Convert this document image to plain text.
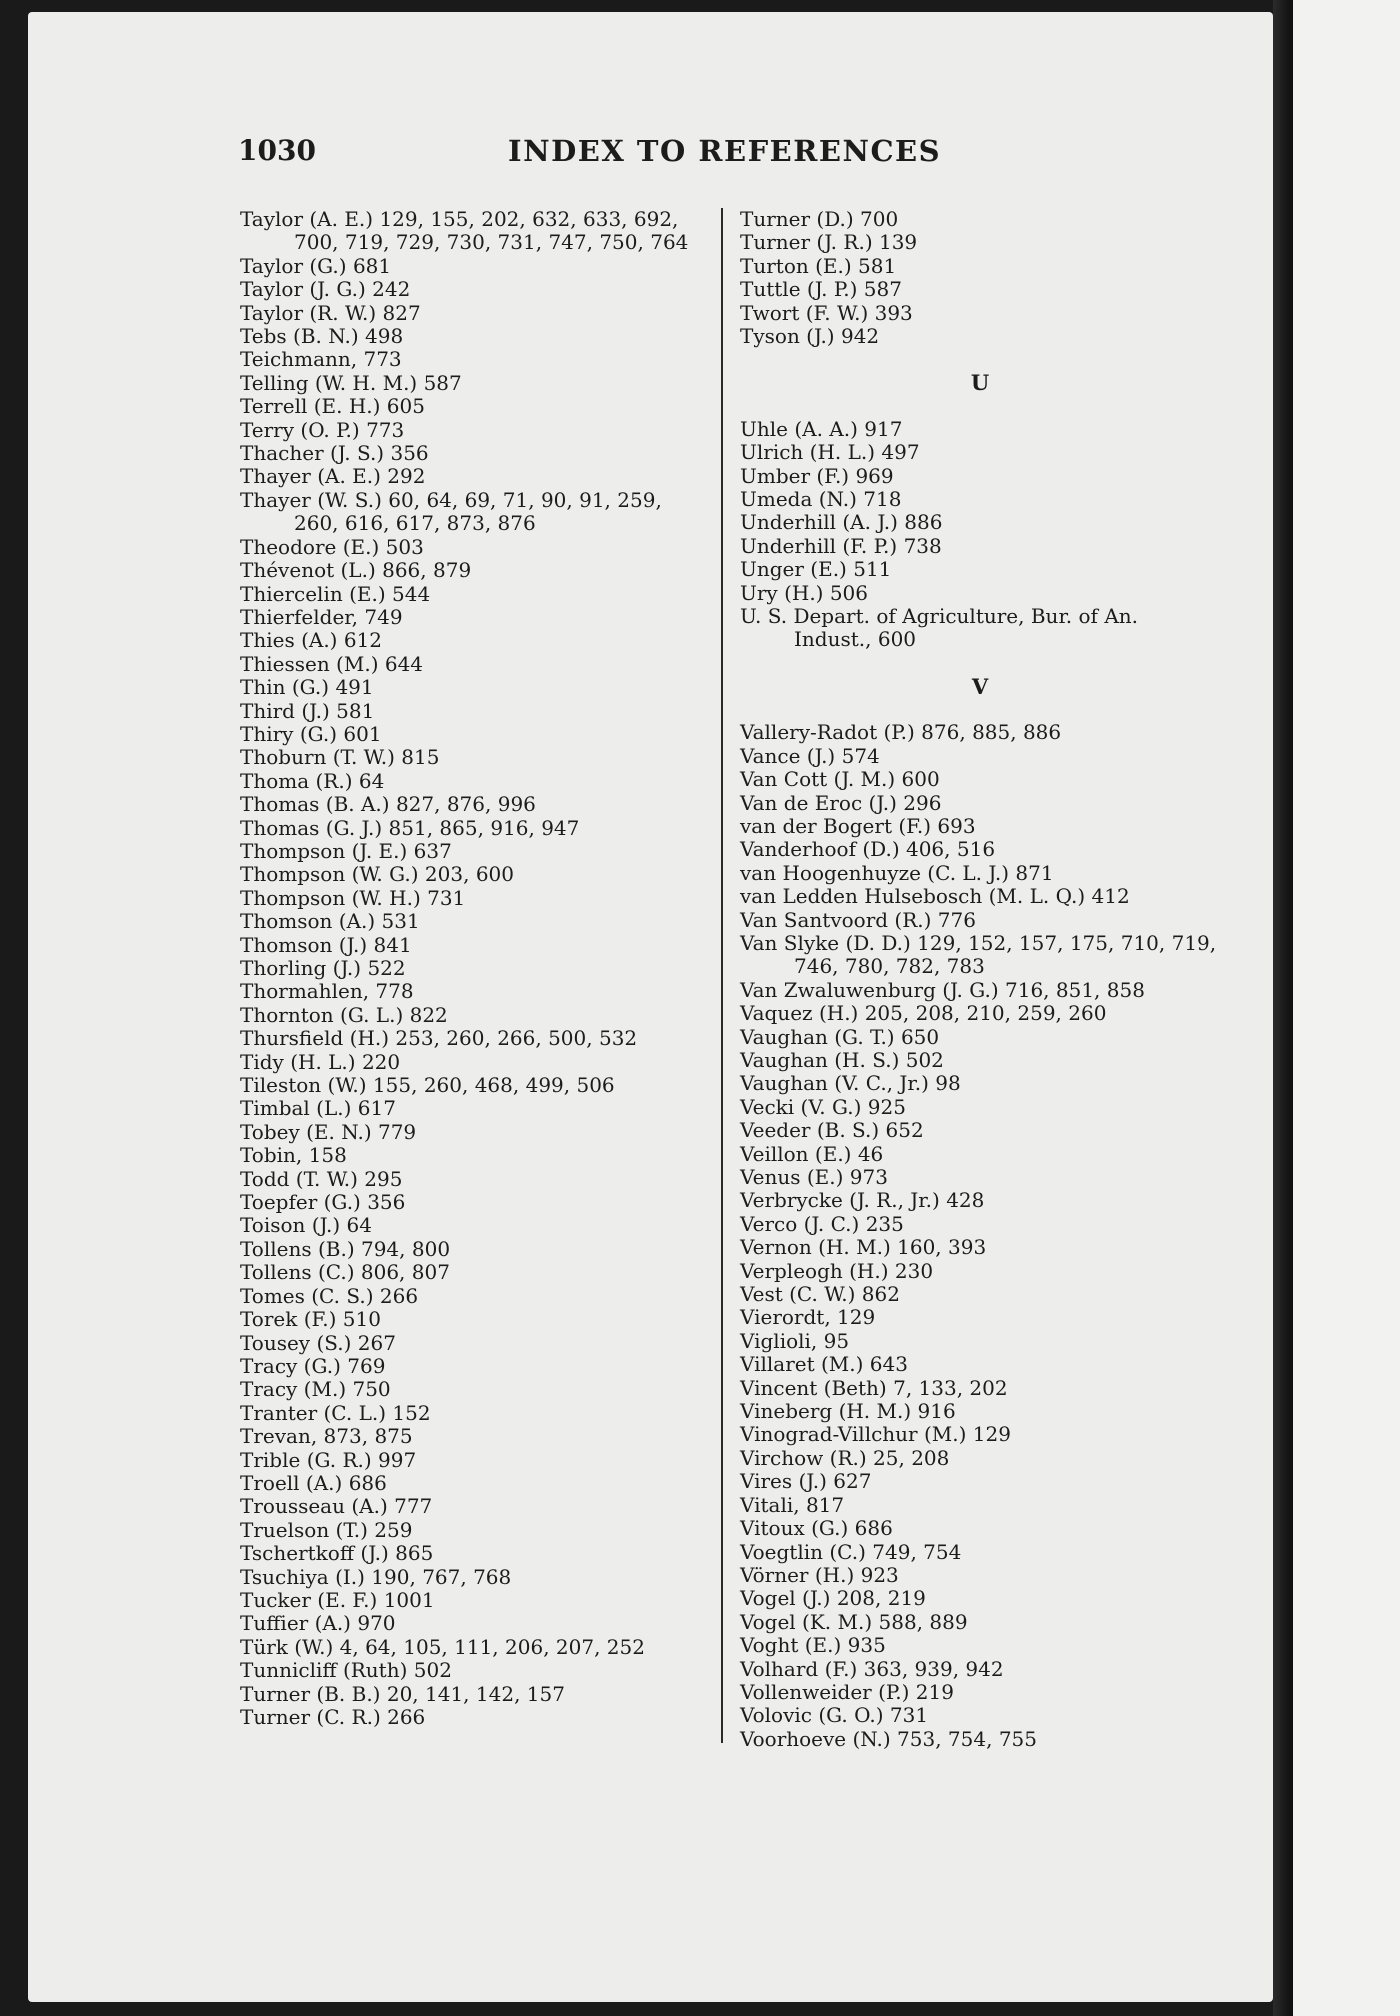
1030	INDEX TO REFERENCES
Taylor (A. E.) 129, 155, 202, 632, 633, 692, 700, 719, 729, 730, 731, 747, 750, 764
Taylor (G.) 681
Taylor (J. G.) 242
Taylor (R. W.) 827
Tebs (B. N.) 498
Teichmann, 773
Telling (W. H. M.) 587
Terrell (E. H.) 605
Terry (O. P.) 773
Thacher (J. S.) 356
Thayer (A. E.) 292
Thayer (W. S.) 60, 64, 69, 71, 90, 91, 259, 260, 616, 617, 873, 876
Theodore (E.) 503
Thévenot (L.) 866, 879
Thiercelin (E.) 544
Thierfelder, 749
Thies (A.) 612
Thiessen (M.) 644
Thin (G.) 491
Third (J.) 581
Thiry (G.) 601
Thoburn (T. W.) 815
Thoma (R.) 64
Thomas (B. A.) 827, 876, 996
Thomas (G. J.) 851, 865, 916, 947
Thompson (J. E.) 637
Thompson (W. G.) 203, 600
Thompson (W. H.) 731
Thomson (A.) 531
Thomson (J.) 841
Thorling (J.) 522
Thormahlen, 778
Thornton (G. L.) 822
Thursfield (H.) 253, 260, 266, 500, 532
Tidy (H. L.) 220
Tileston (W.) 155, 260, 468, 499, 506
Timbal (L.) 617
Tobey (E. N.) 779
Tobin, 158
Todd (T. W.) 295
Toepfer (G.) 356
Toison (J.) 64
Tollens (B.) 794, 800
Tollens (C.) 806, 807
Tomes (C. S.) 266
Torek (F.) 510
Tousey (S.) 267
Tracy (G.) 769
Tracy (M.) 750
Tranter (C. L.) 152
Trevan, 873, 875
Trible (G. R.) 997
Troell (A.) 686
Trousseau (A.) 777
Truelson (T.) 259
Tschertkoff (J.) 865
Tsuchiya (I.) 190, 767, 768
Tucker (E. F.) 1001
Tuffier (A.) 970
Türk (W.) 4, 64, 105, 111, 206, 207, 252
Tunnicliff (Ruth) 502
Turner (B. B.) 20, 141, 142, 157
Turner (C. R.) 266
Turner (D.) 700
Turner (J. R.) 139
Turton (E.) 581
Tuttle (J. P.) 587
Twort (F. W.) 393
Tyson (J.) 942
U
Uhle (A. A.) 917
Ulrich (H. L.) 497
Umber (F.) 969
Umeda (N.) 718
Underhill (A. J.) 886
Underhill (F. P.) 738
Unger (E.) 511
Ury (H.) 506
U. S. Depart. of Agriculture, Bur. of An. Indust., 600
V
Vallery-Radot (P.) 876, 885, 886
Vance (J.) 574
Van Cott (J. M.) 600
Van de Eroc (J.) 296
van der Bogert (F.) 693
Vanderhoof (D.) 406, 516
van Hoogenhuyze (C. L. J.) 871
van Ledden Hulsebosch (M. L. Q.) 412
Van Santvoord (R.) 776
Van Slyke (D. D.) 129, 152, 157, 175, 710, 719, 746, 780, 782, 783
Van Zwaluwenburg (J. G.) 716, 851, 858
Vaquez (H.) 205, 208, 210, 259, 260
Vaughan (G. T.) 650
Vaughan (H. S.) 502
Vaughan (V. C., Jr.) 98
Vecki (V. G.) 925
Veeder (B. S.) 652
Veillon (E.) 46
Venus (E.) 973
Verbrycke (J. R., Jr.) 428
Verco (J. C.) 235
Vernon (H. M.) 160, 393
Verpleogh (H.) 230
Vest (C. W.) 862
Vierordt, 129
Viglioli, 95
Villaret (M.) 643
Vincent (Beth) 7, 133, 202
Vineberg (H. M.) 916
Vinograd-Villchur (M.) 129
Virchow (R.) 25, 208
Vires (J.) 627
Vitali, 817
Vitoux (G.) 686
Voegtlin (C.) 749, 754
Vörner (H.) 923
Vogel (J.) 208, 219
Vogel (K. M.) 588, 889
Voght (E.) 935
Volhard (F.) 363, 939, 942
Vollenweider (P.) 219
Volovic (G. O.) 731
Voorhoeve (N.) 753, 754, 755
